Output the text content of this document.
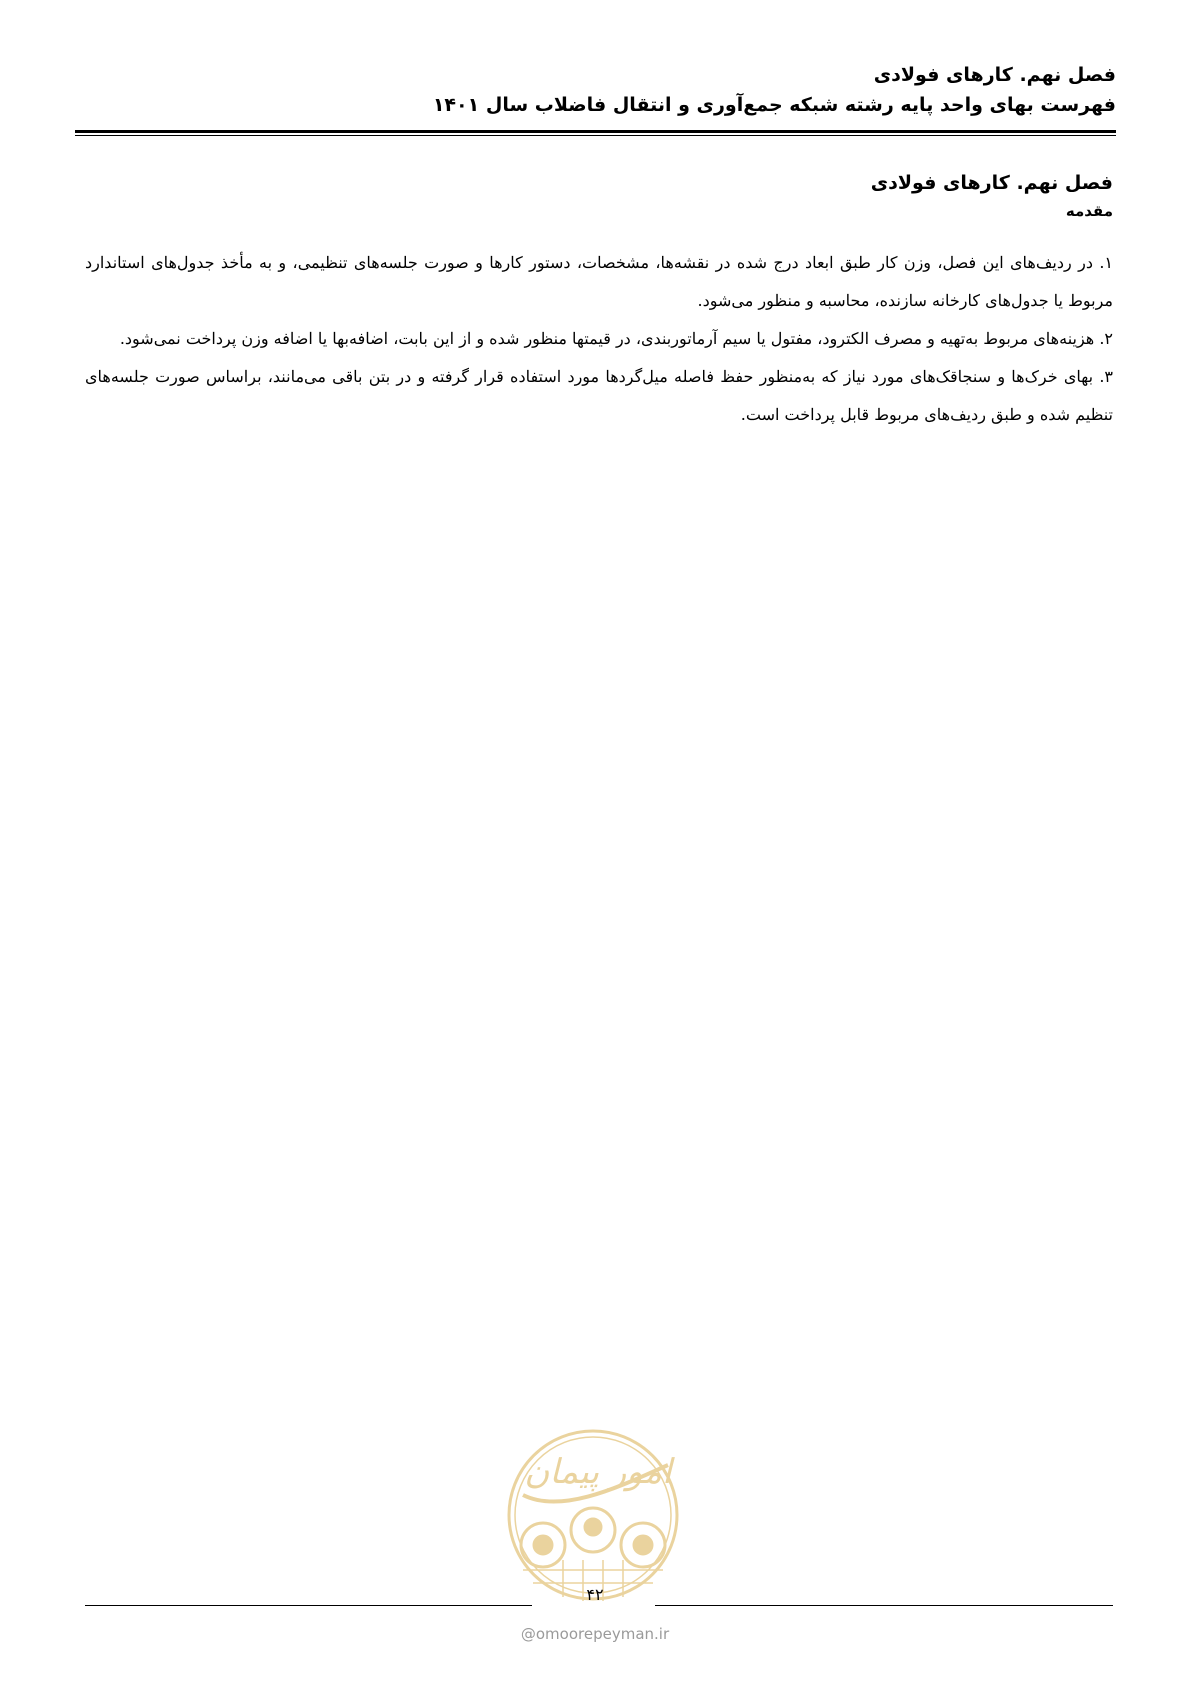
فصل نهم. کارهای فولادی
فهرست بهای واحد پایه رشته شبکه جمع‌آوری و انتقال فاضلاب سال ۱۴۰۱
فصل نهم. کارهای فولادی
مقدمه

۱. در ردیف‌های این فصل، وزن کار طبق ابعاد درج شده در نقشه‌ها، مشخصات، دستور کارها و صورت جلسه‌های تنظیمی، و به مأخذ جدول‌های استاندارد مربوط یا جدول‌های کارخانه سازنده، محاسبه و منظور می‌شود.

۲. هزینه‌های مربوط به‌تهیه و مصرف الکترود، مفتول یا سیم آرماتوربندی، در قیمتها منظور شده و از این بابت، اضافه‌بها یا اضافه وزن پرداخت نمی‌شود.

۳. بهای خرک‌ها و سنجاقک‌های مورد نیاز که به‌منظور حفظ فاصله میل‌گردها مورد استفاده قرار گرفته و در بتن باقی می‌مانند، براساس صورت جلسه‌های تنظیم شده و طبق ردیف‌های مربوط قابل پرداخت است.

امور پیمان
۴۲
@omoorepeyman.ir
